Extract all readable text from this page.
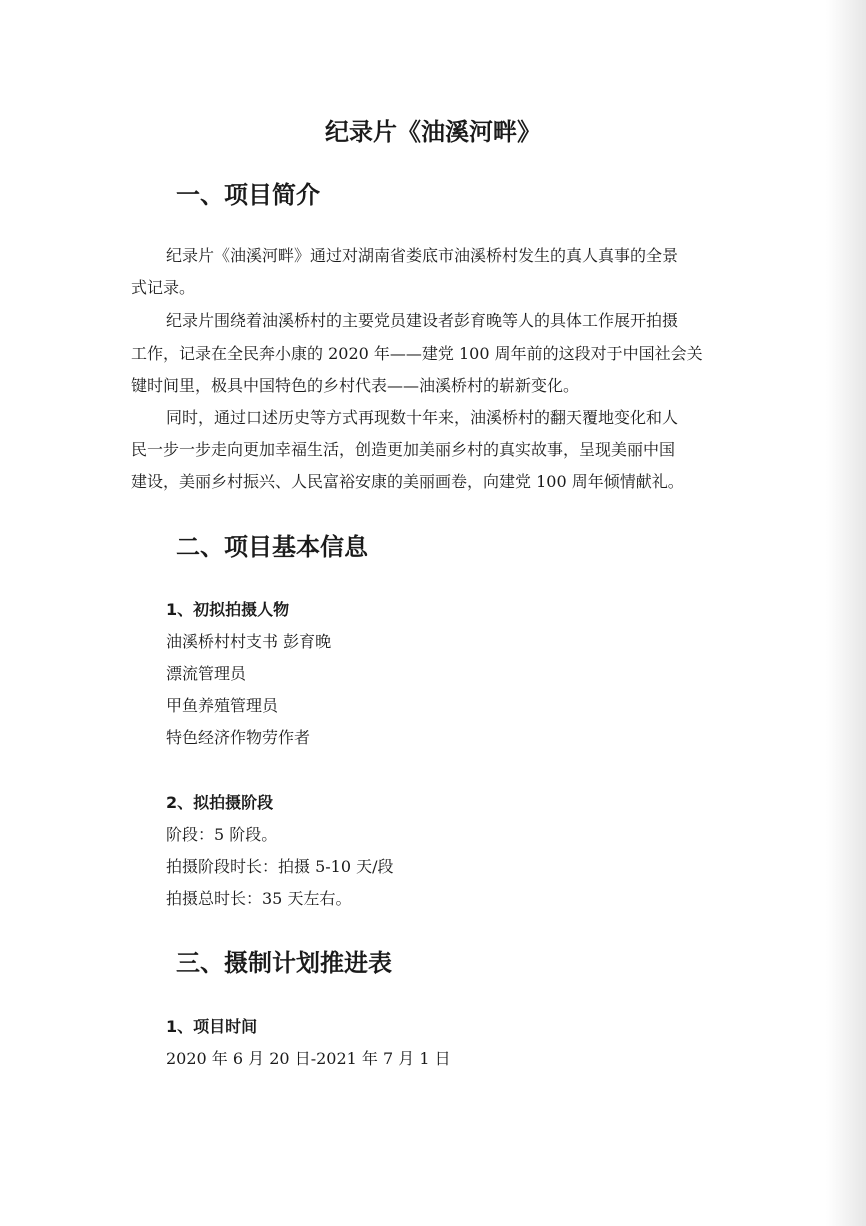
纪录片《油溪河畔》
一、项目简介
纪录片《油溪河畔》通过对湖南省娄底市油溪桥村发生的真人真事的全景
式记录。
纪录片围绕着油溪桥村的主要党员建设者彭育晚等人的具体工作展开拍摄
工作，记录在全民奔小康的 2020 年——建党 100 周年前的这段对于中国社会关
键时间里，极具中国特色的乡村代表——油溪桥村的崭新变化。
同时，通过口述历史等方式再现数十年来，油溪桥村的翻天覆地变化和人
民一步一步走向更加幸福生活，创造更加美丽乡村的真实故事，呈现美丽中国
建设，美丽乡村振兴、人民富裕安康的美丽画卷，向建党 100 周年倾情献礼。
二、项目基本信息
1、初拟拍摄人物
油溪桥村村支书 彭育晚
漂流管理员
甲鱼养殖管理员
特色经济作物劳作者
2、拟拍摄阶段
阶段：5 阶段。
拍摄阶段时长：拍摄 5-10 天/段
拍摄总时长：35 天左右。
三、摄制计划推进表
1、项目时间
2020 年 6 月 20 日-2021 年 7 月 1 日
